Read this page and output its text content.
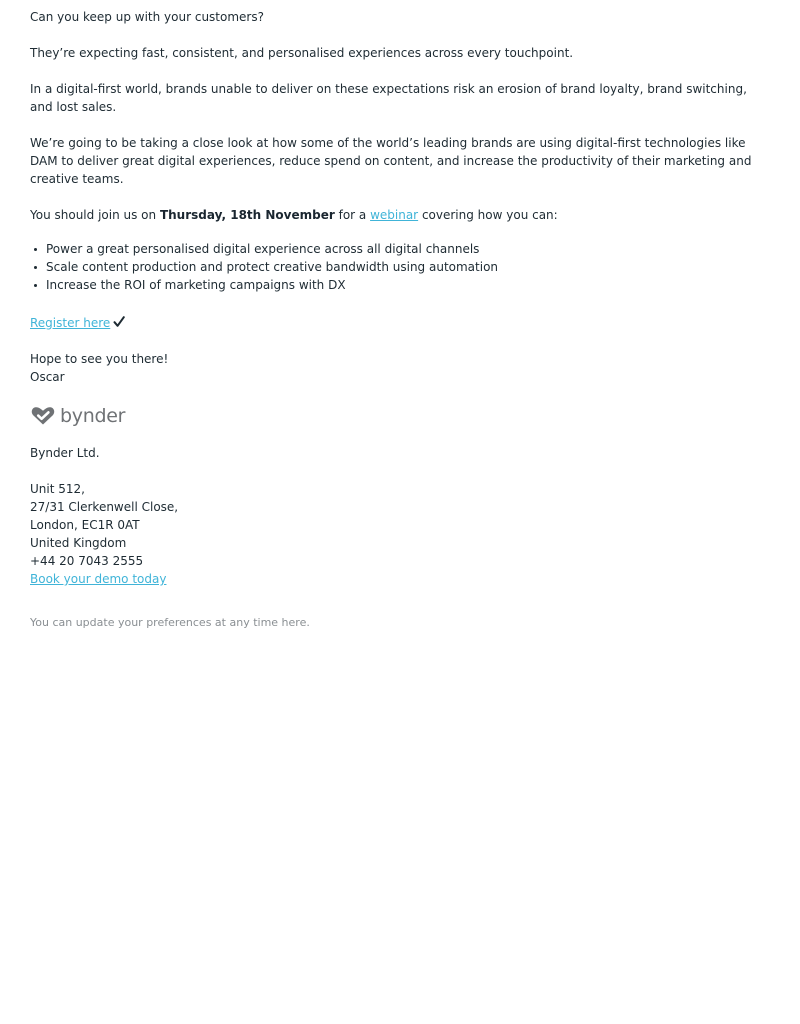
Can you keep up with your customers?

They’re expecting fast, consistent, and personalised experiences across every touchpoint.

In a digital-first world, brands unable to deliver on these expectations risk an erosion of brand loyalty, brand switching, and lost sales.

We’re going to be taking a close look at how some of the world’s leading brands are using digital-first technologies like DAM to deliver great digital experiences, reduce spend on content, and increase the productivity of their marketing and creative teams.

You should join us on Thursday, 18th November for a webinar covering how you can:

Power a great personalised digital experience across all digital channels
Scale content production and protect creative bandwidth using automation
Increase the ROI of marketing campaigns with DX

Register here

Hope to see you there!
Oscar

bynder

Bynder Ltd.

Unit 512,
27/31 Clerkenwell Close,
London, EC1R 0AT
United Kingdom
+44 20 7043 2555
Book your demo today

You can update your preferences at any time here.
